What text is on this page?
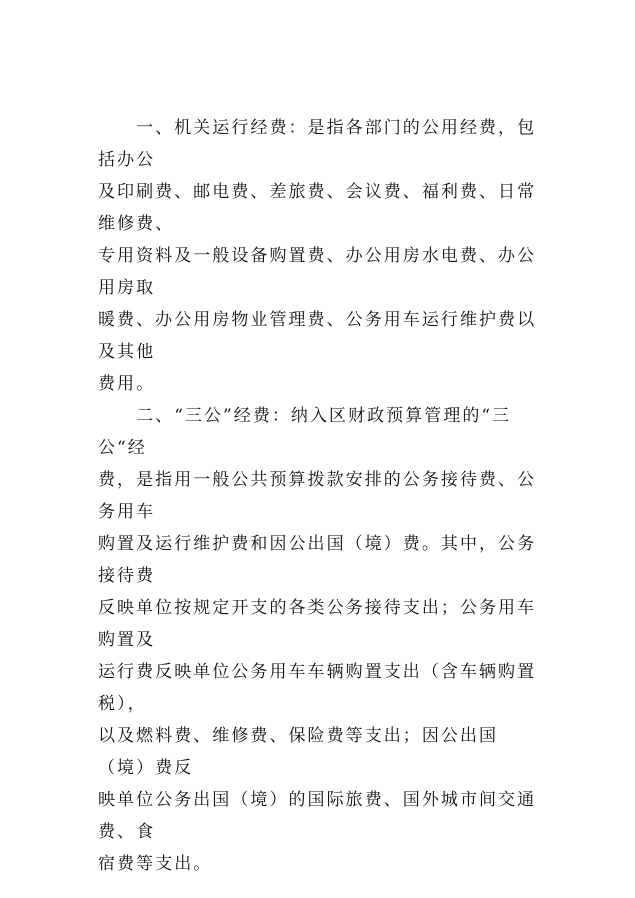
　　一、机关运行经费：是指各部门的公用经费，包括办公
及印刷费、邮电费、差旅费、会议费、福利费、日常维修费、
专用资料及一般设备购置费、办公用房水电费、办公用房取
暖费、办公用房物业管理费、公务用车运行维护费以及其他
费用。

　　二、“三公”经费：纳入区财政预算管理的“三公“经
费，是指用一般公共预算拨款安排的公务接待费、公务用车
购置及运行维护费和因公出国（境）费。其中，公务接待费
反映单位按规定开支的各类公务接待支出；公务用车购置及
运行费反映单位公务用车车辆购置支出（含车辆购置税），
以及燃料费、维修费、保险费等支出；因公出国（境）费反
映单位公务出国（境）的国际旅费、国外城市间交通费、食
宿费等支出。
